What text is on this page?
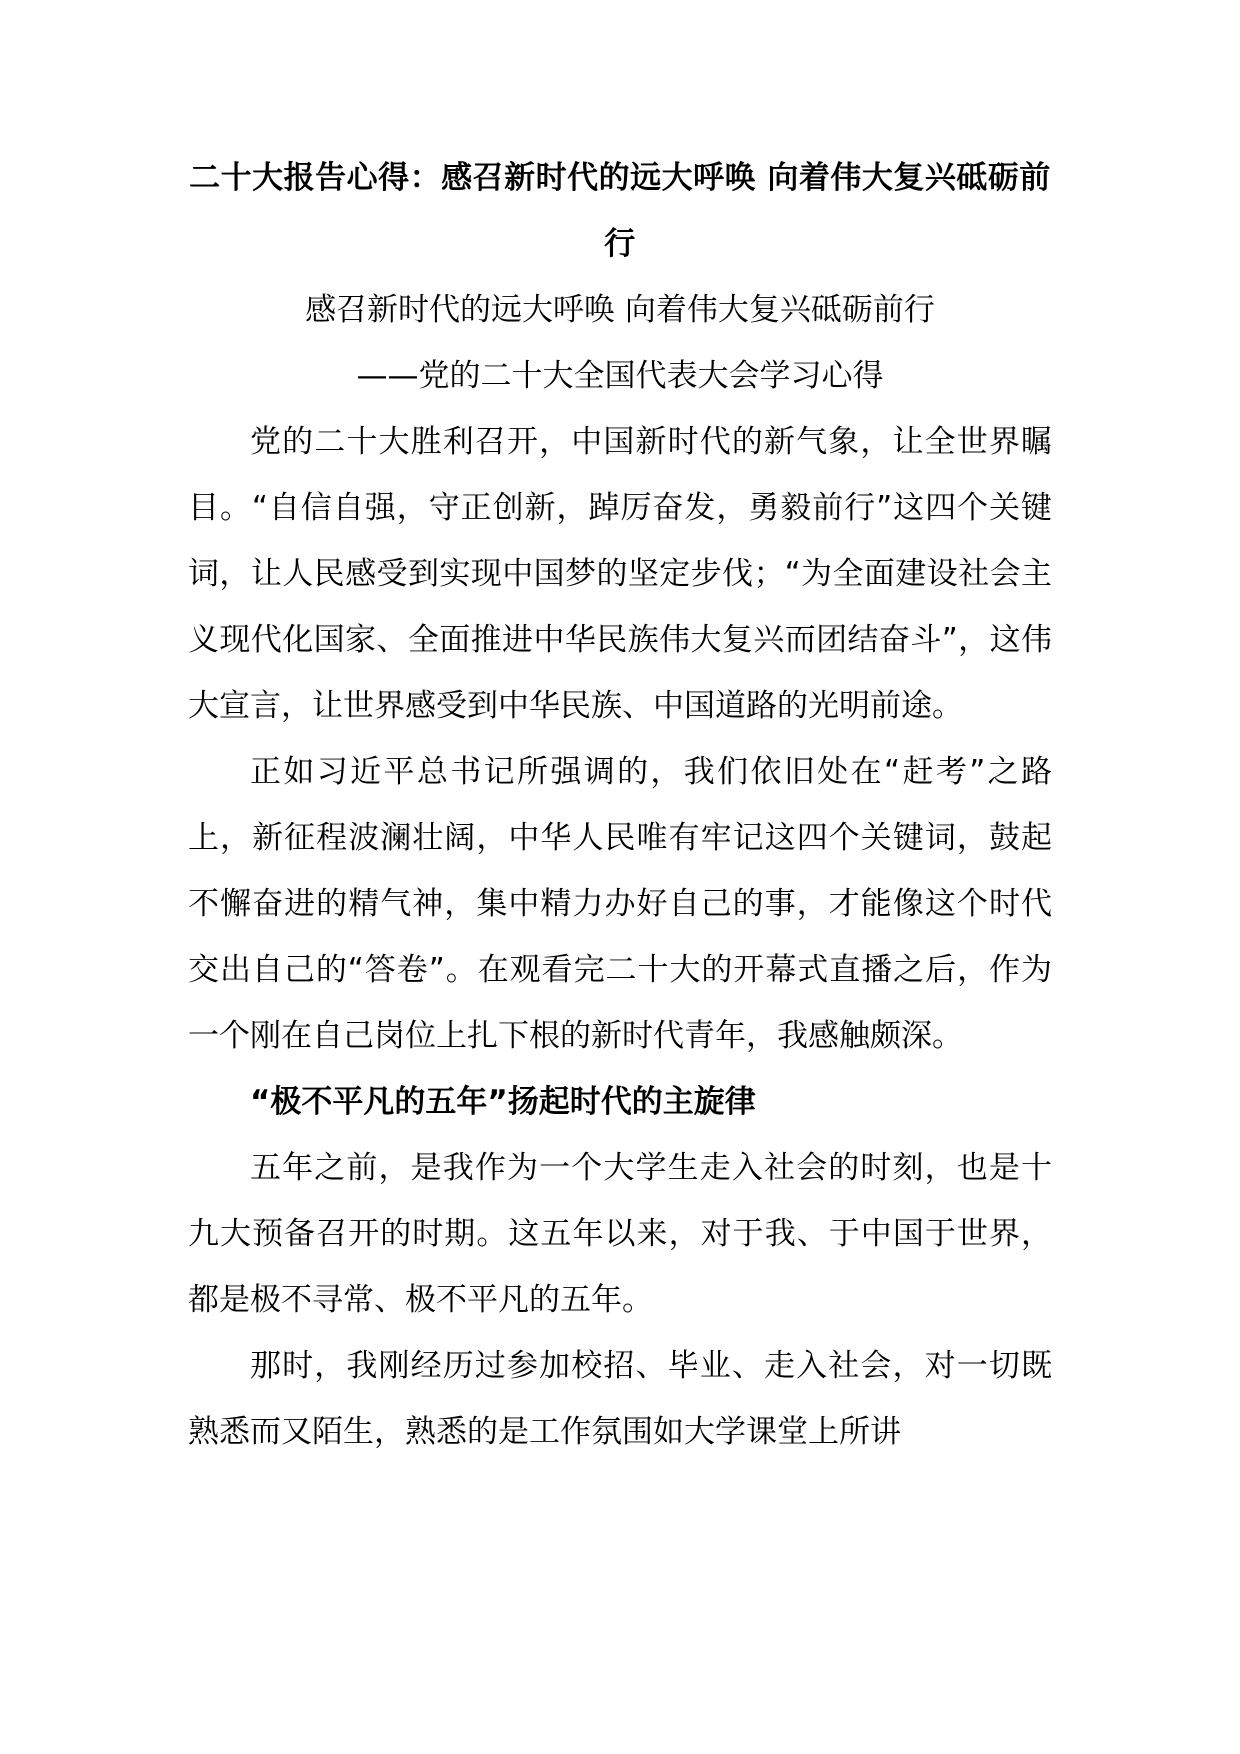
二十大报告心得：感召新时代的远大呼唤 向着伟大复兴砥砺前行

感召新时代的远大呼唤 向着伟大复兴砥砺前行

——党的二十大全国代表大会学习心得

党的二十大胜利召开，中国新时代的新气象，让全世界瞩目。“自信自强，守正创新，踔厉奋发，勇毅前行”这四个关键词，让人民感受到实现中国梦的坚定步伐；“为全面建设社会主义现代化国家、全面推进中华民族伟大复兴而团结奋斗”，这伟大宣言，让世界感受到中华民族、中国道路的光明前途。

正如习近平总书记所强调的，我们依旧处在“赶考”之路上，新征程波澜壮阔，中华人民唯有牢记这四个关键词，鼓起不懈奋进的精气神，集中精力办好自己的事，才能像这个时代交出自己的“答卷”。在观看完二十大的开幕式直播之后，作为一个刚在自己岗位上扎下根的新时代青年，我感触颇深。

“极不平凡的五年”扬起时代的主旋律

五年之前，是我作为一个大学生走入社会的时刻，也是十九大预备召开的时期。这五年以来，对于我、于中国于世界，都是极不寻常、极不平凡的五年。

那时，我刚经历过参加校招、毕业、走入社会，对一切既熟悉而又陌生，熟悉的是工作氛围如大学课堂上所讲
